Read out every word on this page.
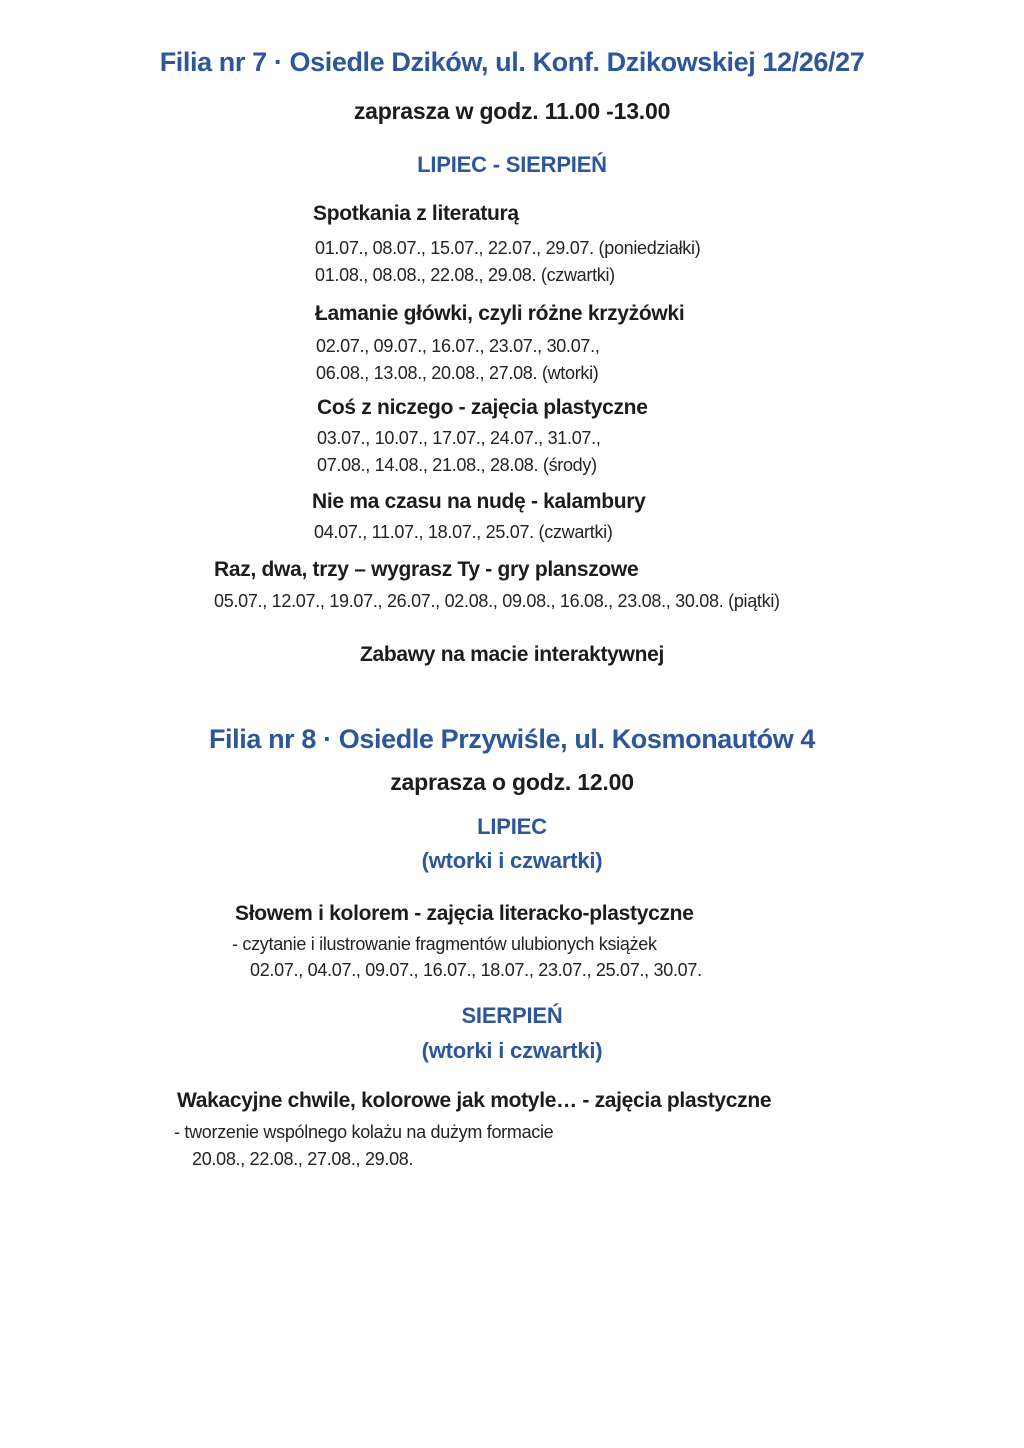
Filia nr 7 · Osiedle Dzików, ul. Konf. Dzikowskiej 12/26/27
zaprasza w godz. 11.00 -13.00
LIPIEC - SIERPIEŃ
Spotkania z literaturą
01.07., 08.07., 15.07., 22.07., 29.07. (poniedziałki)
01.08., 08.08., 22.08., 29.08. (czwartki)
Łamanie główki, czyli różne krzyżówki
02.07., 09.07., 16.07., 23.07., 30.07.,
06.08., 13.08., 20.08., 27.08. (wtorki)
Coś z niczego - zajęcia plastyczne
03.07., 10.07., 17.07., 24.07., 31.07.,
07.08., 14.08., 21.08., 28.08. (środy)
Nie ma czasu na nudę - kalambury
04.07., 11.07., 18.07., 25.07. (czwartki)
Raz, dwa, trzy – wygrasz Ty - gry planszowe
05.07., 12.07., 19.07., 26.07., 02.08., 09.08., 16.08., 23.08., 30.08. (piątki)
Zabawy na macie interaktywnej
Filia nr 8 · Osiedle Przywiśle, ul. Kosmonautów 4
zaprasza o godz. 12.00
LIPIEC
(wtorki i czwartki)
Słowem i kolorem - zajęcia literacko-plastyczne
- czytanie i ilustrowanie fragmentów ulubionych książek
02.07., 04.07., 09.07., 16.07., 18.07., 23.07., 25.07., 30.07.
SIERPIEŃ
(wtorki i czwartki)
Wakacyjne chwile, kolorowe jak motyle… - zajęcia plastyczne
- tworzenie wspólnego kolażu na dużym formacie
20.08., 22.08., 27.08., 29.08.
